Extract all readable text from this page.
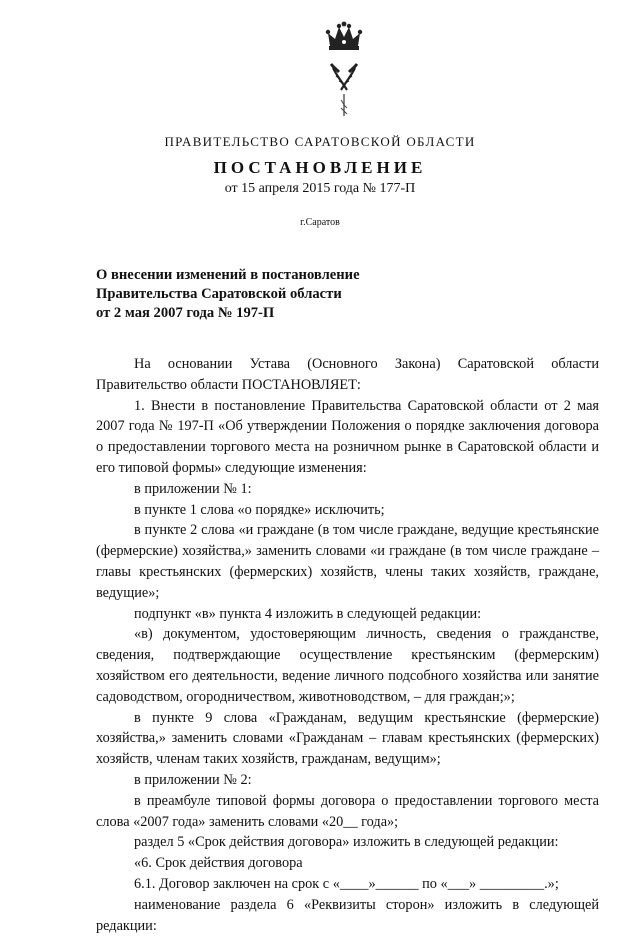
ПРАВИТЕЛЬСТВО САРАТОВСКОЙ ОБЛАСТИ
ПОСТАНОВЛЕНИЕ
от 15 апреля 2015 года № 177-П
г.Саратов
О внесении изменений в постановление
Правительства Саратовской области
от 2 мая 2007 года № 197-П

На основании Устава (Основного Закона) Саратовской области Правительство области ПОСТАНОВЛЯЕТ:

1. Внести в постановление Правительства Саратовской области от 2 мая 2007 года № 197-П «Об утверждении Положения о порядке заключения договора о предоставлении торгового места на розничном рынке в Саратовской области и его типовой формы» следующие изменения:

в приложении № 1:

в пункте 1 слова «о порядке» исключить;

в пункте 2 слова «и граждане (в том числе граждане, ведущие крестьянские (фермерские) хозяйства,» заменить словами «и граждане (в том числе граждане – главы крестьянских (фермерских) хозяйств, члены таких хозяйств, граждане, ведущие»;

подпункт «в» пункта 4 изложить в следующей редакции:

«в) документом, удостоверяющим личность, сведения о гражданстве, сведения, подтверждающие осуществление крестьянским (фермерским) хозяйством его деятельности, ведение личного подсобного хозяйства или занятие садоводством, огородничеством, животноводством, – для граждан;»;

в пункте 9 слова «Гражданам, ведущим крестьянские (фермерские) хозяйства,» заменить словами «Гражданам – главам крестьянских (фермерских) хозяйств, членам таких хозяйств, гражданам, ведущим»;

в приложении № 2:

в преамбуле типовой формы договора о предоставлении торгового места слова «2007 года» заменить словами «20__ года»;

раздел 5 «Срок действия договора» изложить в следующей редакции:

«6. Срок действия договора

6.1. Договор заключен на срок с «____»______ по «___» _________.»;

наименование раздела 6 «Реквизиты сторон» изложить в следующей редакции:
